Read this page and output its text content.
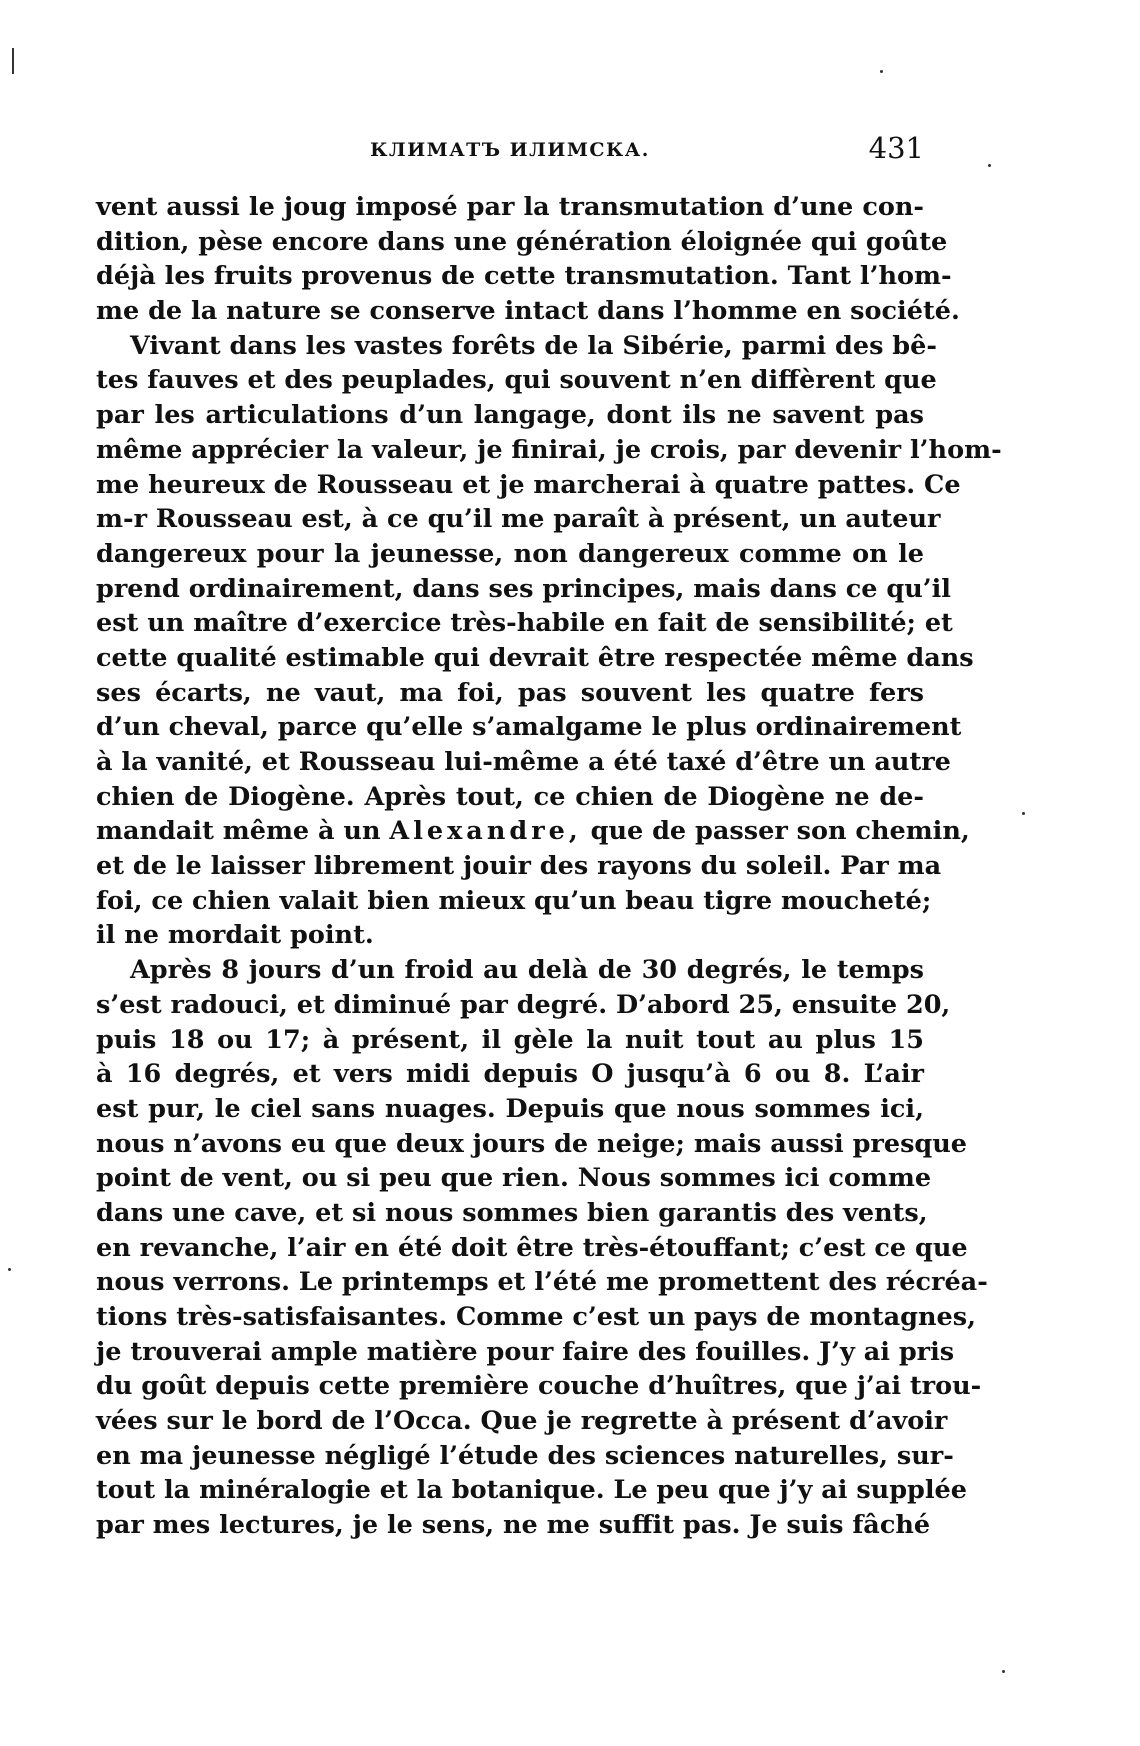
КЛИМАТЪ ИЛИМСКА.	431
vent aussi le joug imposé par la transmutation d’une con-
dition, pèse encore dans une génération éloignée qui goûte
déjà les fruits provenus de cette transmutation. Tant l’hom-
me de la nature se conserve intact dans l’homme en société.
Vivant dans les vastes forêts de la Sibérie, parmi des bê-
tes fauves et des peuplades, qui souvent n’en diffèrent que
par les articulations d’un langage, dont ils ne savent pas
même apprécier la valeur, je finirai, je crois, par devenir l’hom-
me heureux de Rousseau et je marcherai à quatre pattes. Ce
m-r Rousseau est, à ce qu’il me paraît à présent, un auteur
dangereux pour la jeunesse, non dangereux comme on le
prend ordinairement, dans ses principes, mais dans ce qu’il
est un maître d’exercice très-habile en fait de sensibilité; et
cette qualité estimable qui devrait être respectée même dans
ses écarts, ne vaut, ma foi, pas souvent les quatre fers
d’un cheval, parce qu’elle s’amalgame le plus ordinairement
à la vanité, et Rousseau lui-même a été taxé d’être un autre
chien de Diogène. Après tout, ce chien de Diogène ne de-
mandait même à un Alexandre, que de passer son chemin,
et de le laisser librement jouir des rayons du soleil. Par ma
foi, ce chien valait bien mieux qu’un beau tigre moucheté;
il ne mordait point.
Après 8 jours d’un froid au delà de 30 degrés, le temps
s’est radouci, et diminué par degré. D’abord 25, ensuite 20,
puis 18 ou 17; à présent, il gèle la nuit tout au plus 15
à 16 degrés, et vers midi depuis O jusqu’à 6 ou 8. L’air
est pur, le ciel sans nuages. Depuis que nous sommes ici,
nous n’avons eu que deux jours de neige; mais aussi presque
point de vent, ou si peu que rien. Nous sommes ici comme
dans une cave, et si nous sommes bien garantis des vents,
en revanche, l’air en été doit être très-étouffant; c’est ce que
nous verrons. Le printemps et l’été me promettent des récréa-
tions très-satisfaisantes. Comme c’est un pays de montagnes,
je trouverai ample matière pour faire des fouilles. J’y ai pris
du goût depuis cette première couche d’huîtres, que j’ai trou-
vées sur le bord de l’Occa. Que je regrette à présent d’avoir
en ma jeunesse négligé l’étude des sciences naturelles, sur-
tout la minéralogie et la botanique. Le peu que j’y ai supplée
par mes lectures, je le sens, ne me suffit pas. Je suis fâché
